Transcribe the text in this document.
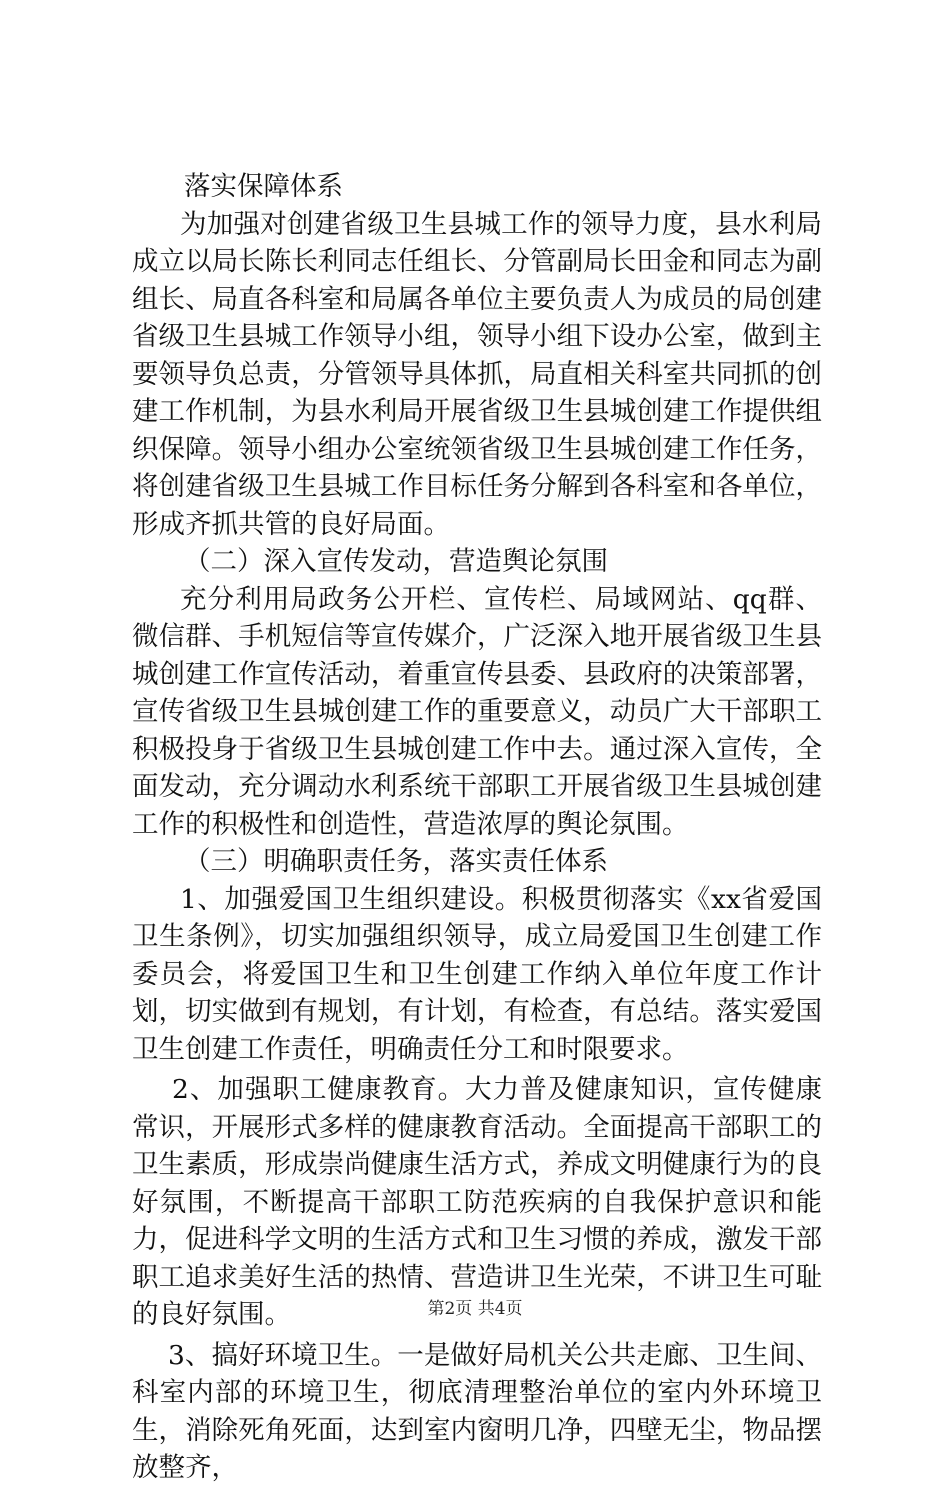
落实保障体系

为加强对创建省级卫生县城工作的领导力度，县水利局成立以局长陈长利同志任组长、分管副局长田金和同志为副组长、局直各科室和局属各单位主要负责人为成员的局创建省级卫生县城工作领导小组，领导小组下设办公室，做到主要领导负总责，分管领导具体抓，局直相关科室共同抓的创建工作机制，为县水利局开展省级卫生县城创建工作提供组织保障。领导小组办公室统领省级卫生县城创建工作任务，将创建省级卫生县城工作目标任务分解到各科室和各单位，形成齐抓共管的良好局面。

（二）深入宣传发动，营造舆论氛围

充分利用局政务公开栏、宣传栏、局域网站、qq群、微信群、手机短信等宣传媒介，广泛深入地开展省级卫生县城创建工作宣传活动，着重宣传县委、县政府的决策部署，宣传省级卫生县城创建工作的重要意义，动员广大干部职工积极投身于省级卫生县城创建工作中去。通过深入宣传，全面发动，充分调动水利系统干部职工开展省级卫生县城创建工作的积极性和创造性，营造浓厚的舆论氛围。

（三）明确职责任务，落实责任体系

1、加强爱国卫生组织建设。积极贯彻落实《xx省爱国卫生条例》，切实加强组织领导，成立局爱国卫生创建工作委员会，将爱国卫生和卫生创建工作纳入单位年度工作计划，切实做到有规划，有计划，有检查，有总结。落实爱国卫生创建工作责任，明确责任分工和时限要求。

2、加强职工健康教育。大力普及健康知识，宣传健康常识，开展形式多样的健康教育活动。全面提高干部职工的卫生素质，形成崇尚健康生活方式，养成文明健康行为的良好氛围，不断提高干部职工防范疾病的自我保护意识和能力，促进科学文明的生活方式和卫生习惯的养成，激发干部职工追求美好生活的热情、营造讲卫生光荣，不讲卫生可耻的良好氛围。

3、搞好环境卫生。一是做好局机关公共走廊、卫生间、科室内部的环境卫生，彻底清理整治单位的室内外环境卫生，消除死角死面，达到室内窗明几净，四壁无尘，物品摆放整齐，

第2页 共4页
